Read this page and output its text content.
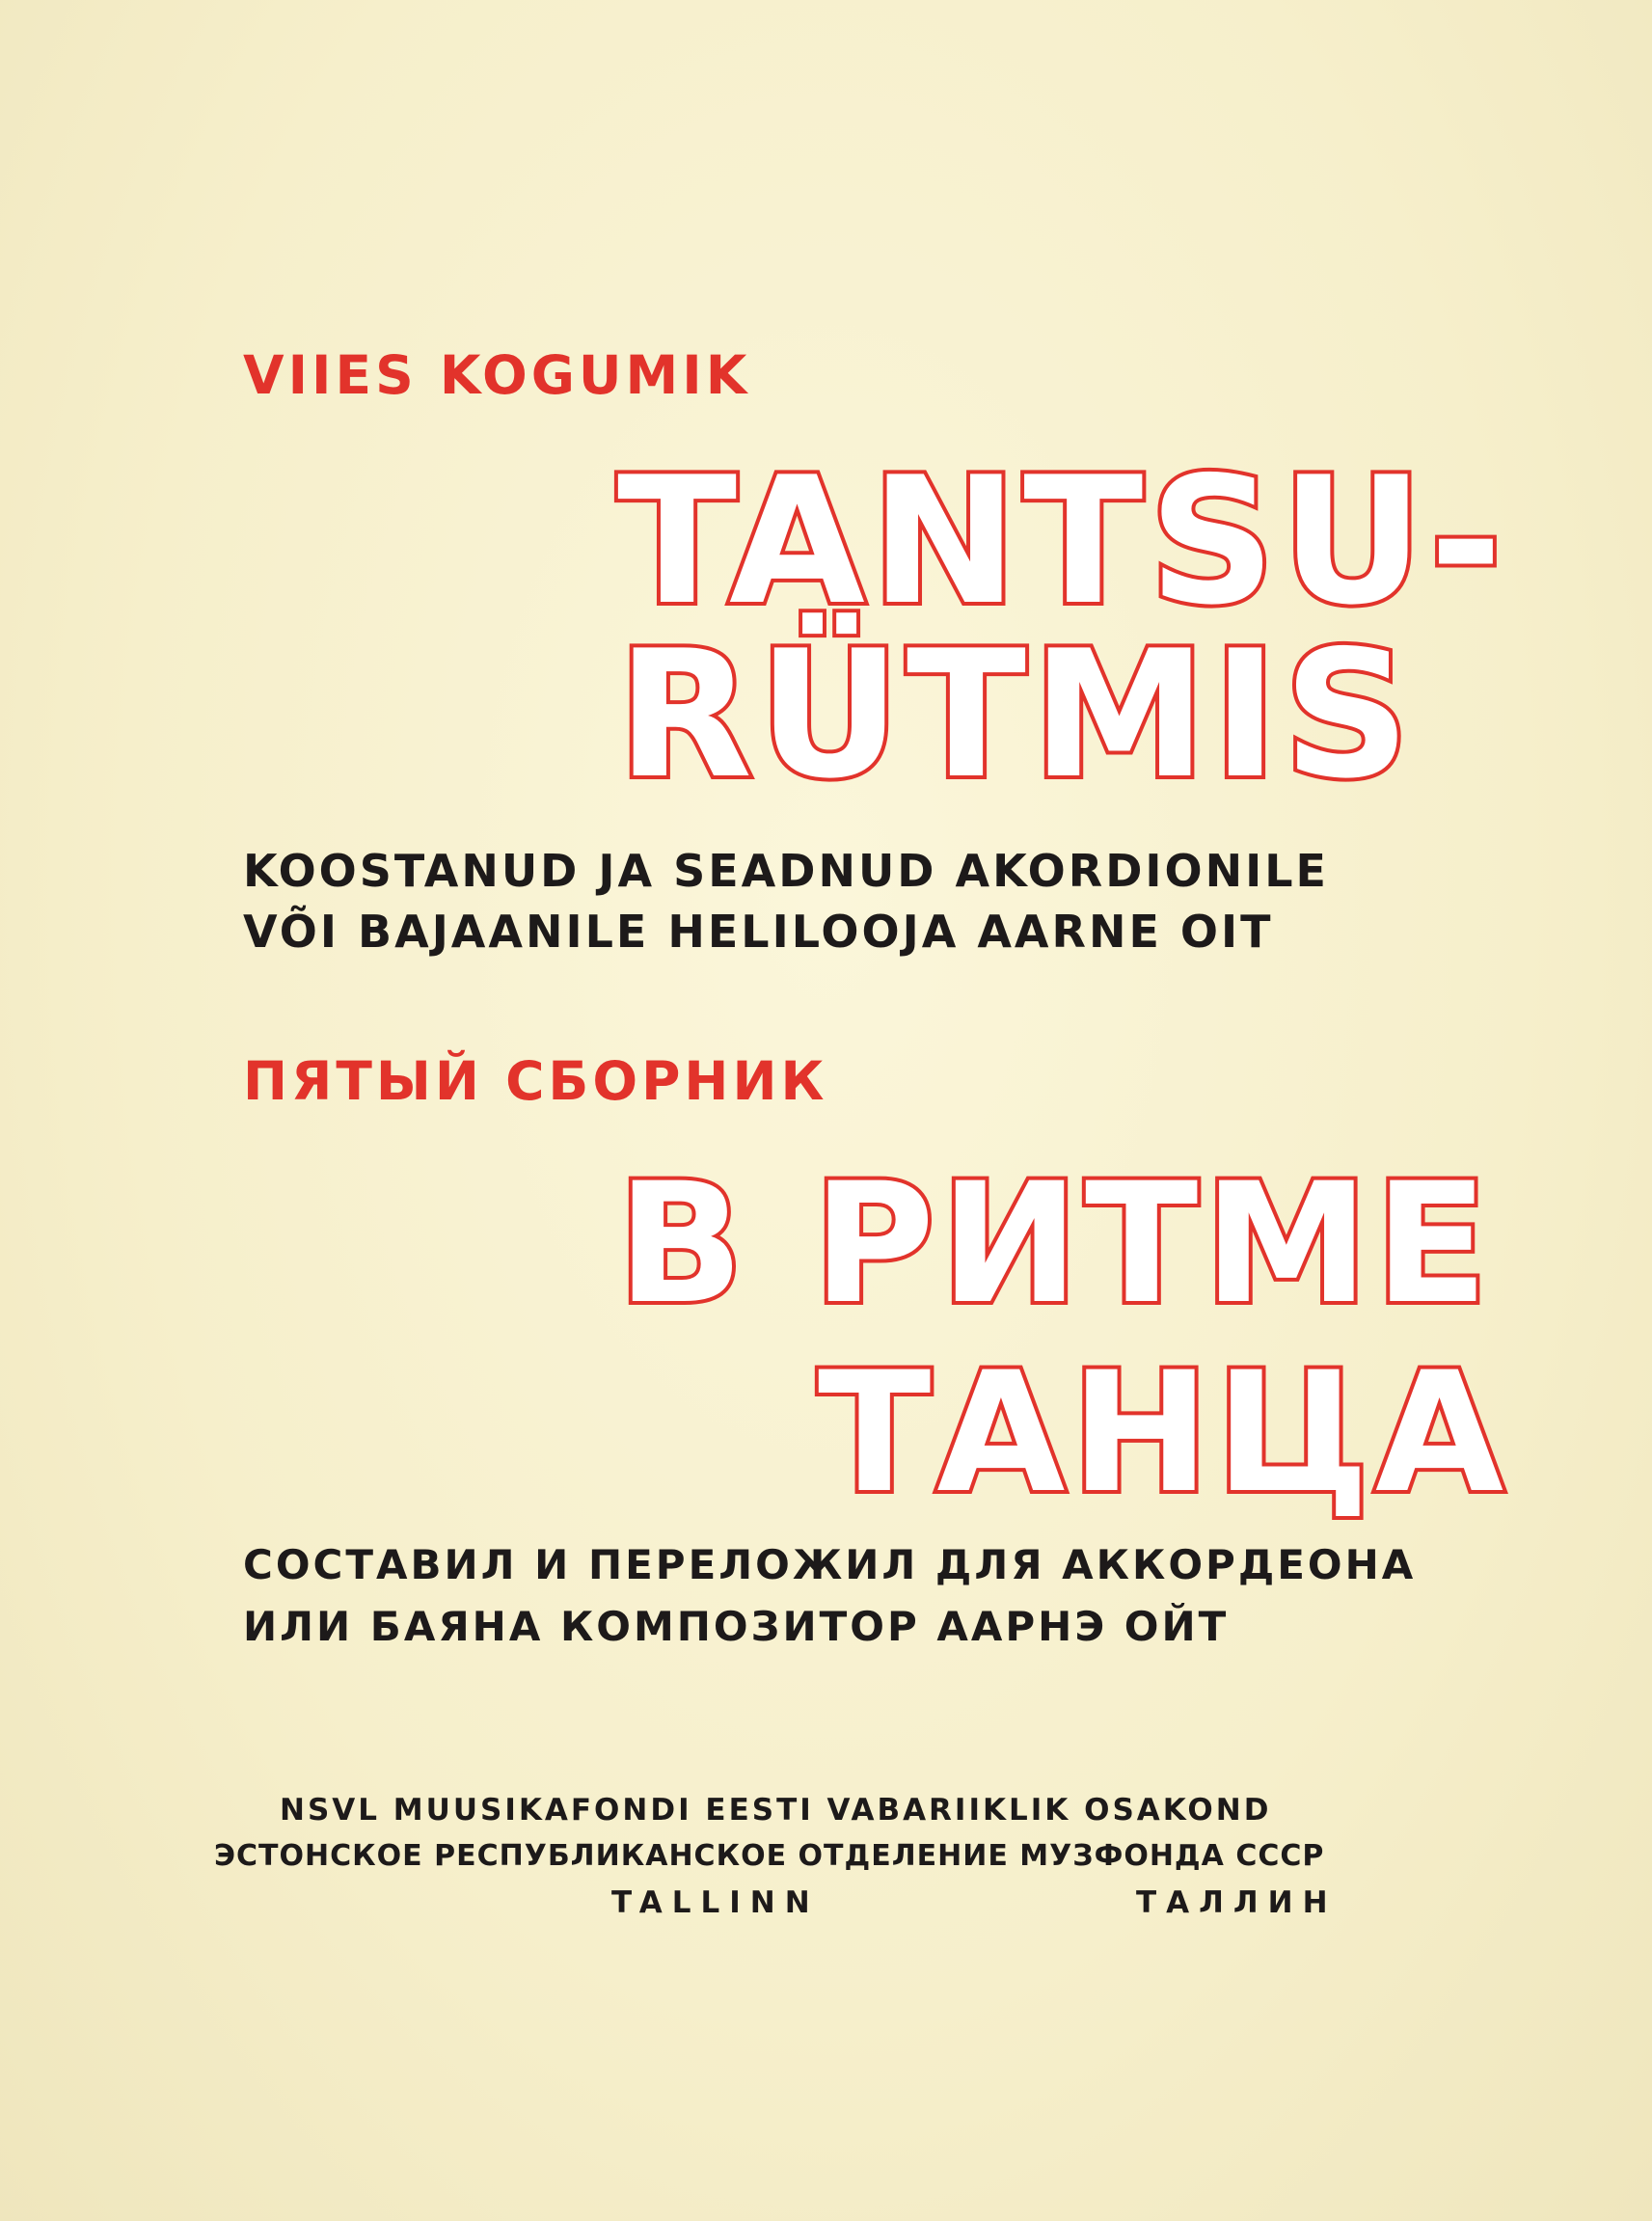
VIIES KOGUMIK
TANTSU-
RÜTMIS
KOOSTANUD JA SEADNUD AKORDIONILE
VÕI BAJAANILE HELILOOJA AARNE OIT
ПЯТЫЙ СБОРНИК
В РИТМЕ
ТАНЦА
СОСТАВИЛ И ПЕРЕЛОЖИЛ ДЛЯ АККОРДЕОНА
ИЛИ БАЯНА КОМПОЗИТОР ААРНЭ ОЙТ
NSVL MUUSIKAFONDI EESTI VABARIIKLIK OSAKOND
ЭСТОНСКОЕ РЕСПУБЛИКАНСКОЕ ОТДЕЛЕНИЕ МУЗФОНДА СССР
TALLINN	ТАЛЛИН
